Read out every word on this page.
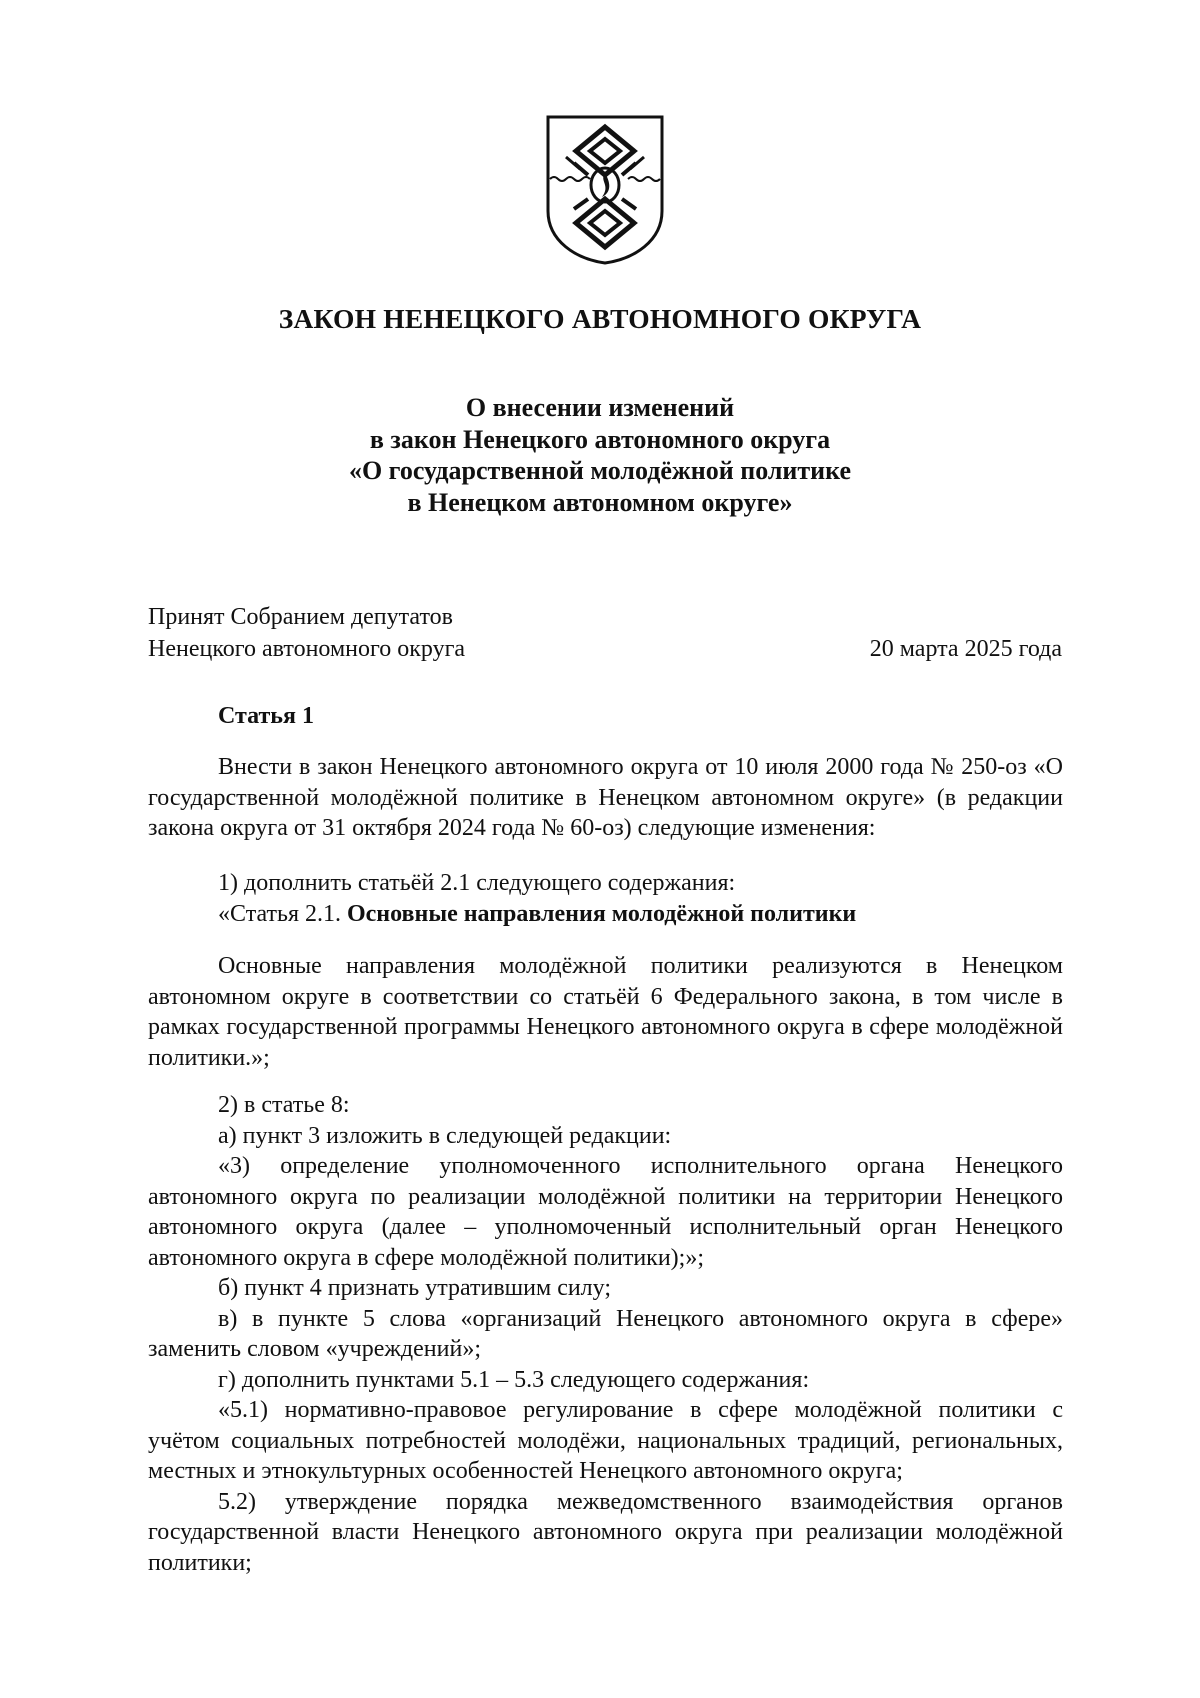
ЗАКОН НЕНЕЦКОГО АВТОНОМНОГО ОКРУГА
О внесении изменений
в закон Ненецкого автономного округа
«О государственной молодёжной политике
в Ненецком автономном округе»
Принят Собранием депутатов
Ненецкого автономного округа	20 марта 2025 года
Статья 1
Внести в закон Ненецкого автономного округа от 10 июля 2000 года № 250-оз «О государственной молодёжной политике в Ненецком автономном округе» (в редакции закона округа от 31 октября 2024 года № 60-оз) следующие изменения:
1) дополнить статьёй 2.1 следующего содержания:
«Статья 2.1. Основные направления молодёжной политики
Основные направления молодёжной политики реализуются в Ненецком автономном округе в соответствии со статьёй 6 Федерального закона, в том числе в рамках государственной программы Ненецкого автономного округа в сфере молодёжной политики.»;
2) в статье 8:
а) пункт 3 изложить в следующей редакции:
«3) определение уполномоченного исполнительного органа Ненецкого автономного округа по реализации молодёжной политики на территории Ненецкого автономного округа (далее – уполномоченный исполнительный орган Ненецкого автономного округа в сфере молодёжной политики);»;
б) пункт 4 признать утратившим силу;
в) в пункте 5 слова «организаций Ненецкого автономного округа в сфере» заменить словом «учреждений»;
г) дополнить пунктами 5.1 – 5.3 следующего содержания:
«5.1) нормативно-правовое регулирование в сфере молодёжной политики с учётом социальных потребностей молодёжи, национальных традиций, региональных, местных и этнокультурных особенностей Ненецкого автономного округа;
5.2) утверждение порядка межведомственного взаимодействия органов государственной власти Ненецкого автономного округа при реализации молодёжной политики;
